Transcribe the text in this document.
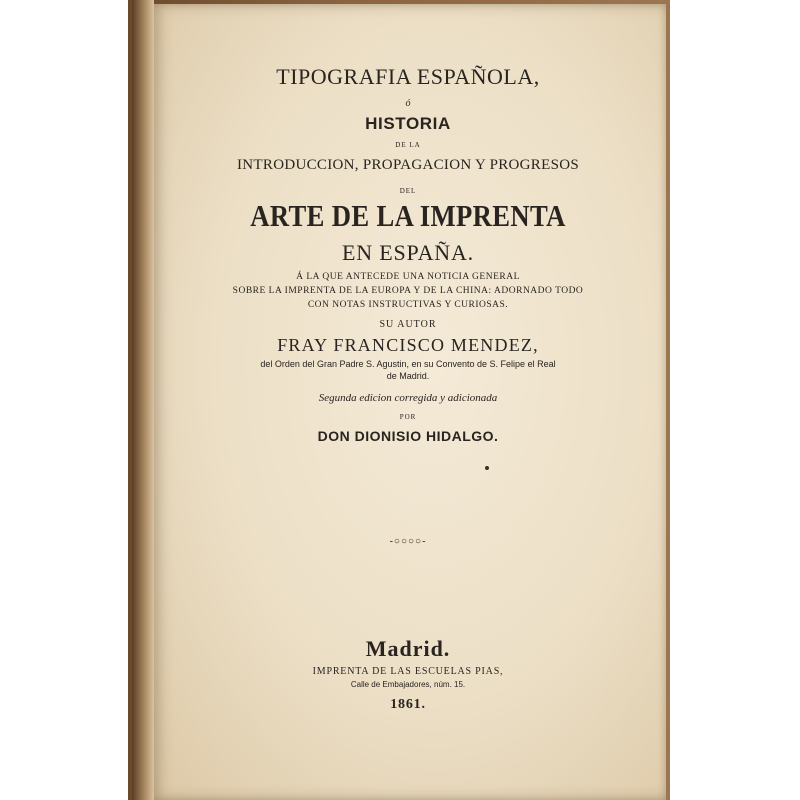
TIPOGRAFIA ESPAÑOLA,
ó
HISTORIA
DE LA
INTRODUCCION, PROPAGACION Y PROGRESOS
DEL
ARTE DE LA IMPRENTA
EN ESPAÑA.
Á LA QUE ANTECEDE UNA NOTICIA GENERAL
SOBRE LA IMPRENTA DE LA EUROPA Y DE LA CHINA: ADORNADO TODO
CON NOTAS INSTRUCTIVAS Y CURIOSAS.
SU AUTOR
FRAY FRANCISCO MENDEZ,
del Orden del Gran Padre S. Agustin, en su Convento de S. Felipe el Real
de Madrid.
Segunda edicion corregida y adicionada
POR
DON DIONISIO HIDALGO.
-○○○○-
Madrid.
IMPRENTA DE LAS ESCUELAS PIAS,
Calle de Embajadores, núm. 15.
1861.
